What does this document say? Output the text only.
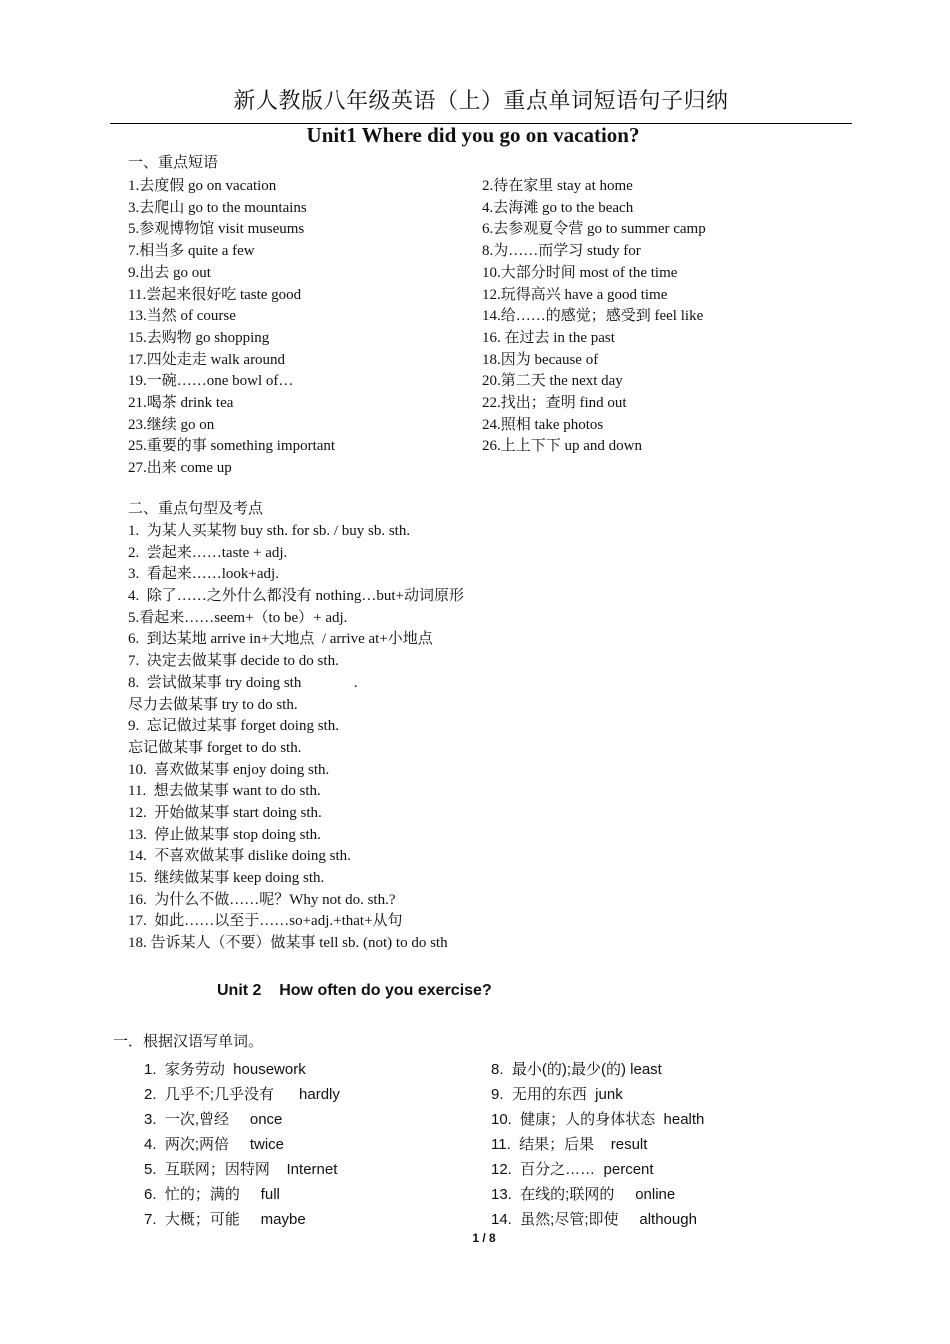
新人教版八年级英语（上）重点单词短语句子归纳
Unit1 Where did you go on vacation?
一、重点短语
1.去度假 go on vacation	2.待在家里 stay at home
3.去爬山 go to the mountains	4.去海滩 go to the beach
5.参观博物馆 visit museums	6.去参观夏令营 go to summer camp
7.相当多 quite a few	8.为……而学习 study for
9.出去 go out	10.大部分时间 most of the time
11.尝起来很好吃 taste good	12.玩得高兴 have a good time
13.当然 of course	14.给……的感觉；感受到 feel like
15.去购物 go shopping	16. 在过去 in the past
17.四处走走 walk around	18.因为 because of
19.一碗……one bowl of…	20.第二天 the next day
21.喝茶 drink tea	22.找出；查明 find out
23.继续 go on	24.照相 take photos
25.重要的事 something important	26.上上下下 up and down
27.出来 come up
二、重点句型及考点
1.  为某人买某物 buy sth. for sb. / buy sb. sth.
2.  尝起来……taste + adj.
3.  看起来……look+adj.
4.  除了……之外什么都没有 nothing…but+动词原形
5.看起来……seem+（to be）+ adj.
6.  到达某地 arrive in+大地点  / arrive at+小地点
7.  决定去做某事 decide to do sth.
8.  尝试做某事 try doing sth              .
尽力去做某事 try to do sth.
9.  忘记做过某事 forget doing sth.
忘记做某事 forget to do sth.
10.  喜欢做某事 enjoy doing sth.
11.  想去做某事 want to do sth.
12.  开始做某事 start doing sth.
13.  停止做某事 stop doing sth.
14.  不喜欢做某事 dislike doing sth.
15.  继续做某事 keep doing sth.
16.  为什么不做……呢？Why not do. sth.?
17.  如此……以至于……so+adj.+that+从句
18. 告诉某人（不要）做某事 tell sb. (not) to do sth
Unit 2    How often do you exercise?
一．根据汉语写单词。
1.  家务劳动  housework	8.  最小(的);最少(的) least
2.  几乎不;几乎没有      hardly	9.  无用的东西  junk
3.  一次,曾经     once	10.  健康；人的身体状态  health
4.  两次;两倍     twice	11.  结果；后果    result
5.  互联网；因特网    Internet	12.  百分之……  percent
6.  忙的；满的     full	13.  在线的;联网的     online
7.  大概；可能     maybe	14.  虽然;尽管;即使     although
1 / 8
